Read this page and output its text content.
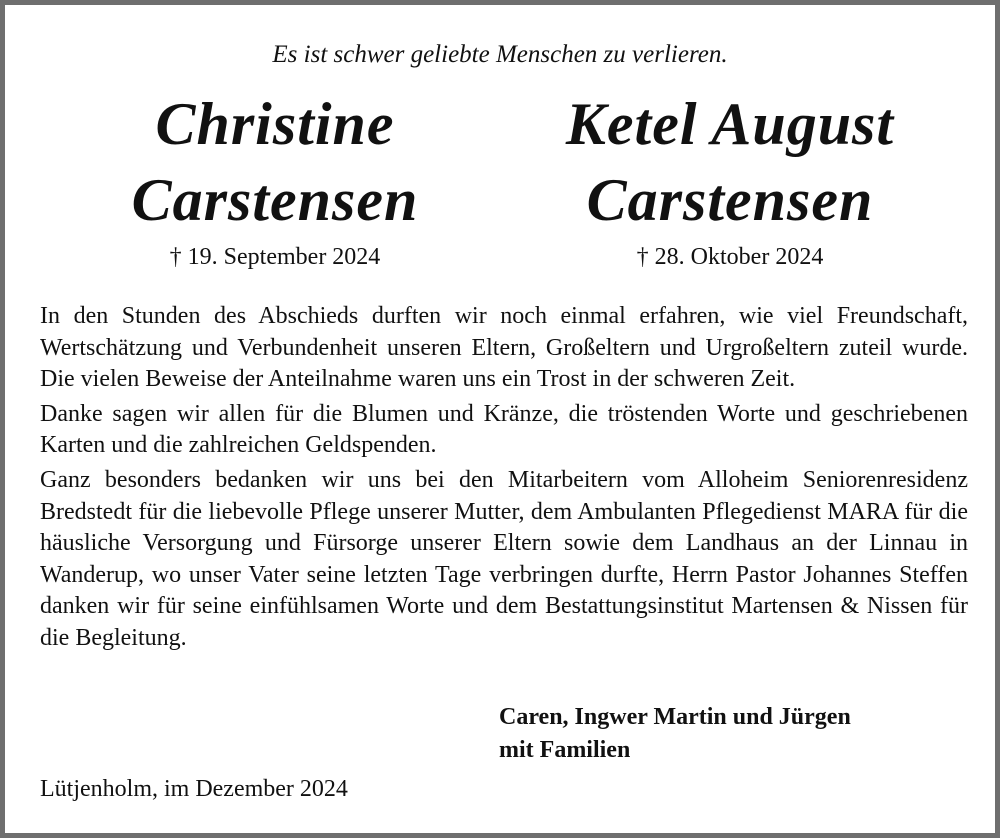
Es ist schwer geliebte Menschen zu verlieren.
Christine
Carstensen
Ketel August
Carstensen
† 19. September 2024	† 28. Oktober 2024

In den Stunden des Abschieds durften wir noch einmal erfahren, wie viel Freundschaft, Wertschätzung und Verbundenheit unseren Eltern, Großeltern und Urgroßeltern zuteil wurde. Die vielen Beweise der Anteilnahme waren uns ein Trost in der schweren Zeit.

Danke sagen wir allen für die Blumen und Kränze, die tröstenden Worte und geschriebenen Karten und die zahlreichen Geldspenden.

Ganz besonders bedanken wir uns bei den Mitarbeitern vom Alloheim Seniorenresidenz Bredstedt für die liebevolle Pflege unserer Mutter, dem Ambulanten Pflegedienst MARA für die häusliche Versorgung und Fürsorge unserer Eltern sowie dem Landhaus an der Linnau in Wanderup, wo unser Vater seine letzten Tage verbringen durfte, Herrn Pastor Johannes Steffen danken wir für seine einfühlsamen Worte und dem Bestattungsinstitut Martensen & Nissen für die Begleitung.

Caren, Ingwer Martin und Jürgen
mit Familien
Lütjenholm, im Dezember 2024
